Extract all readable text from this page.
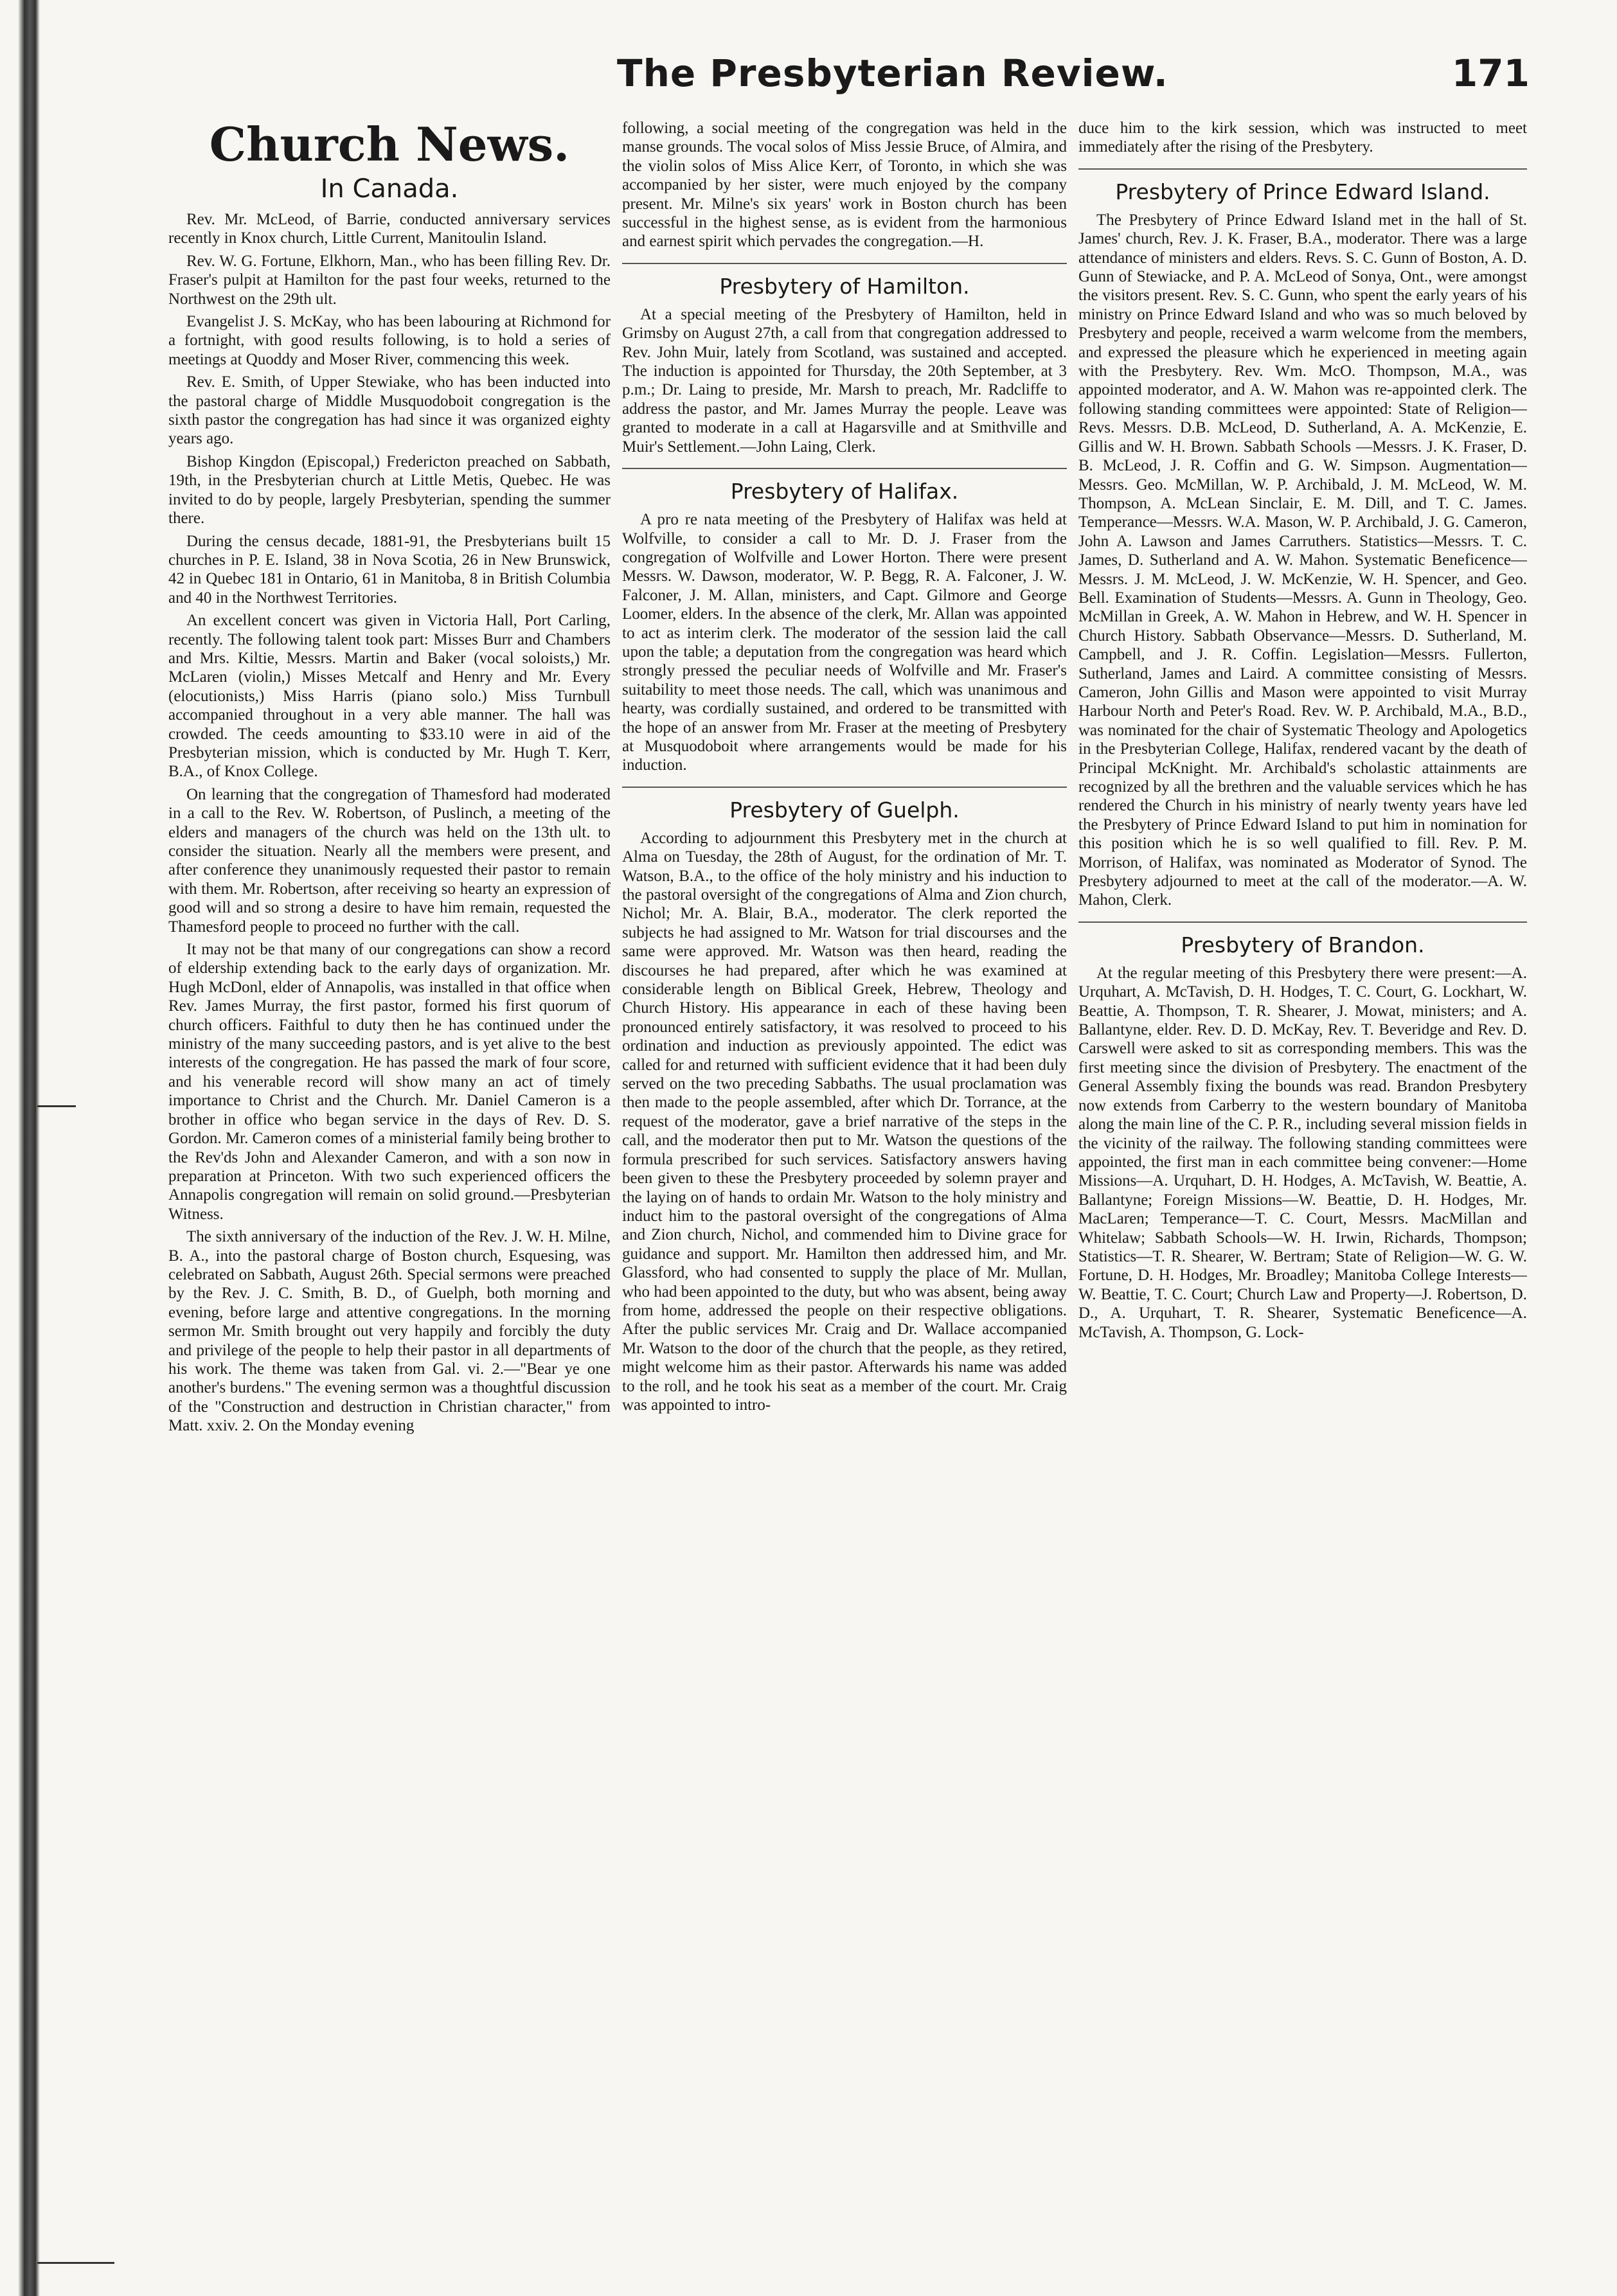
The Presbyterian Review.	171
Church News.
In Canada.

Rev. Mr. McLeod, of Barrie, conducted anniversary services recently in Knox church, Little Current, Manitoulin Island.

Rev. W. G. Fortune, Elkhorn, Man., who has been filling Rev. Dr. Fraser's pulpit at Hamilton for the past four weeks, returned to the Northwest on the 29th ult.

Evangelist J. S. McKay, who has been labouring at Richmond for a fortnight, with good results following, is to hold a series of meetings at Quoddy and Moser River, commencing this week.

Rev. E. Smith, of Upper Stewiake, who has been inducted into the pastoral charge of Middle Musquodoboit congregation is the sixth pastor the congregation has had since it was organized eighty years ago.

Bishop Kingdon (Episcopal,) Fredericton preached on Sabbath, 19th, in the Presbyterian church at Little Metis, Quebec. He was invited to do by people, largely Presbyterian, spending the summer there.

During the census decade, 1881-91, the Presbyterians built 15 churches in P. E. Island, 38 in Nova Scotia, 26 in New Brunswick, 42 in Quebec 181 in Ontario, 61 in Manitoba, 8 in British Columbia and 40 in the Northwest Territories.

An excellent concert was given in Victoria Hall, Port Carling, recently. The following talent took part: Misses Burr and Chambers and Mrs. Kiltie, Messrs. Martin and Baker (vocal soloists,) Mr. McLaren (violin,) Misses Metcalf and Henry and Mr. Every (elocutionists,) Miss Harris (piano solo.) Miss Turnbull accompanied throughout in a very able manner. The hall was crowded. The ceeds amounting to $33.10 were in aid of the Presbyterian mission, which is conducted by Mr. Hugh T. Kerr, B.A., of Knox College.

On learning that the congregation of Thamesford had moderated in a call to the Rev. W. Robertson, of Puslinch, a meeting of the elders and managers of the church was held on the 13th ult. to consider the situation. Nearly all the members were present, and after conference they unanimously requested their pastor to remain with them. Mr. Robertson, after receiving so hearty an expression of good will and so strong a desire to have him remain, requested the Thamesford people to proceed no further with the call.

It may not be that many of our congregations can show a record of eldership extending back to the early days of organization. Mr. Hugh McDonl, elder of Annapolis, was installed in that office when Rev. James Murray, the first pastor, formed his first quorum of church officers. Faithful to duty then he has continued under the ministry of the many succeeding pastors, and is yet alive to the best interests of the congregation. He has passed the mark of four score, and his venerable record will show many an act of timely importance to Christ and the Church. Mr. Daniel Cameron is a brother in office who began service in the days of Rev. D. S. Gordon. Mr. Cameron comes of a ministerial family being brother to the Rev'ds John and Alexander Cameron, and with a son now in preparation at Princeton. With two such experienced officers the Annapolis congregation will remain on solid ground.—Presbyterian Witness.

The sixth anniversary of the induction of the Rev. J. W. H. Milne, B. A., into the pastoral charge of Boston church, Esquesing, was celebrated on Sabbath, August 26th. Special sermons were preached by the Rev. J. C. Smith, B. D., of Guelph, both morning and evening, before large and attentive congregations. In the morning sermon Mr. Smith brought out very happily and forcibly the duty and privilege of the people to help their pastor in all departments of his work. The theme was taken from Gal. vi. 2.—"Bear ye one another's burdens." The evening sermon was a thoughtful discussion of the "Construction and destruction in Christian character," from Matt. xxiv. 2. On the Monday evening

following, a social meeting of the congregation was held in the manse grounds. The vocal solos of Miss Jessie Bruce, of Almira, and the violin solos of Miss Alice Kerr, of Toronto, in which she was accompanied by her sister, were much enjoyed by the company present. Mr. Milne's six years' work in Boston church has been successful in the highest sense, as is evident from the harmonious and earnest spirit which pervades the congregation.—H.

Presbytery of Hamilton.

At a special meeting of the Presbytery of Hamilton, held in Grimsby on August 27th, a call from that congregation addressed to Rev. John Muir, lately from Scotland, was sustained and accepted. The induction is appointed for Thursday, the 20th September, at 3 p.m.; Dr. Laing to preside, Mr. Marsh to preach, Mr. Radcliffe to address the pastor, and Mr. James Murray the people. Leave was granted to moderate in a call at Hagarsville and at Smithville and Muir's Settlement.—John Laing, Clerk.

Presbytery of Halifax.

A pro re nata meeting of the Presbytery of Halifax was held at Wolfville, to consider a call to Mr. D. J. Fraser from the congregation of Wolfville and Lower Horton. There were present Messrs. W. Dawson, moderator, W. P. Begg, R. A. Falconer, J. W. Falconer, J. M. Allan, ministers, and Capt. Gilmore and George Loomer, elders. In the absence of the clerk, Mr. Allan was appointed to act as interim clerk. The moderator of the session laid the call upon the table; a deputation from the congregation was heard which strongly pressed the peculiar needs of Wolfville and Mr. Fraser's suitability to meet those needs. The call, which was unanimous and hearty, was cordially sustained, and ordered to be transmitted with the hope of an answer from Mr. Fraser at the meeting of Presbytery at Musquodoboit where arrangements would be made for his induction.

Presbytery of Guelph.

According to adjournment this Presbytery met in the church at Alma on Tuesday, the 28th of August, for the ordination of Mr. T. Watson, B.A., to the office of the holy ministry and his induction to the pastoral oversight of the congregations of Alma and Zion church, Nichol; Mr. A. Blair, B.A., moderator. The clerk reported the subjects he had assigned to Mr. Watson for trial discourses and the same were approved. Mr. Watson was then heard, reading the discourses he had prepared, after which he was examined at considerable length on Biblical Greek, Hebrew, Theology and Church History. His appearance in each of these having been pronounced entirely satisfactory, it was resolved to proceed to his ordination and induction as previously appointed. The edict was called for and returned with sufficient evidence that it had been duly served on the two preceding Sabbaths. The usual proclamation was then made to the people assembled, after which Dr. Torrance, at the request of the moderator, gave a brief narrative of the steps in the call, and the moderator then put to Mr. Watson the questions of the formula prescribed for such services. Satisfactory answers having been given to these the Presbytery proceeded by solemn prayer and the laying on of hands to ordain Mr. Watson to the holy ministry and induct him to the pastoral oversight of the congregations of Alma and Zion church, Nichol, and commended him to Divine grace for guidance and support. Mr. Hamilton then addressed him, and Mr. Glassford, who had consented to supply the place of Mr. Mullan, who had been appointed to the duty, but who was absent, being away from home, addressed the people on their respective obligations. After the public services Mr. Craig and Dr. Wallace accompanied Mr. Watson to the door of the church that the people, as they retired, might welcome him as their pastor. Afterwards his name was added to the roll, and he took his seat as a member of the court. Mr. Craig was appointed to intro-

duce him to the kirk session, which was instructed to meet immediately after the rising of the Presbytery.

Presbytery of Prince Edward Island.

The Presbytery of Prince Edward Island met in the hall of St. James' church, Rev. J. K. Fraser, B.A., moderator. There was a large attendance of ministers and elders. Revs. S. C. Gunn of Boston, A. D. Gunn of Stewiacke, and P. A. McLeod of Sonya, Ont., were amongst the visitors present. Rev. S. C. Gunn, who spent the early years of his ministry on Prince Edward Island and who was so much beloved by Presbytery and people, received a warm welcome from the members, and expressed the pleasure which he experienced in meeting again with the Presbytery. Rev. Wm. McO. Thompson, M.A., was appointed moderator, and A. W. Mahon was re-appointed clerk. The following standing committees were appointed: State of Religion—Revs. Messrs. D.B. McLeod, D. Sutherland, A. A. McKenzie, E. Gillis and W. H. Brown. Sabbath Schools —Messrs. J. K. Fraser, D. B. McLeod, J. R. Coffin and G. W. Simpson. Augmentation—Messrs. Geo. McMillan, W. P. Archibald, J. M. McLeod, W. M. Thompson, A. McLean Sinclair, E. M. Dill, and T. C. James. Temperance—Messrs. W.A. Mason, W. P. Archibald, J. G. Cameron, John A. Lawson and James Carruthers. Statistics—Messrs. T. C. James, D. Sutherland and A. W. Mahon. Systematic Beneficence—Messrs. J. M. McLeod, J. W. McKenzie, W. H. Spencer, and Geo. Bell. Examination of Students—Messrs. A. Gunn in Theology, Geo. McMillan in Greek, A. W. Mahon in Hebrew, and W. H. Spencer in Church History. Sabbath Observance—Messrs. D. Sutherland, M. Campbell, and J. R. Coffin. Legislation—Messrs. Fullerton, Sutherland, James and Laird. A committee consisting of Messrs. Cameron, John Gillis and Mason were appointed to visit Murray Harbour North and Peter's Road. Rev. W. P. Archibald, M.A., B.D., was nominated for the chair of Systematic Theology and Apologetics in the Presbyterian College, Halifax, rendered vacant by the death of Principal McKnight. Mr. Archibald's scholastic attainments are recognized by all the brethren and the valuable services which he has rendered the Church in his ministry of nearly twenty years have led the Presbytery of Prince Edward Island to put him in nomination for this position which he is so well qualified to fill. Rev. P. M. Morrison, of Halifax, was nominated as Moderator of Synod. The Presbytery adjourned to meet at the call of the moderator.—A. W. Mahon, Clerk.

Presbytery of Brandon.

At the regular meeting of this Presbytery there were present:—A. Urquhart, A. McTavish, D. H. Hodges, T. C. Court, G. Lockhart, W. Beattie, A. Thompson, T. R. Shearer, J. Mowat, ministers; and A. Ballantyne, elder. Rev. D. D. McKay, Rev. T. Beveridge and Rev. D. Carswell were asked to sit as corresponding members. This was the first meeting since the division of Presbytery. The enactment of the General Assembly fixing the bounds was read. Brandon Presbytery now extends from Carberry to the western boundary of Manitoba along the main line of the C. P. R., including several mission fields in the vicinity of the railway. The following standing committees were appointed, the first man in each committee being convener:—Home Missions—A. Urquhart, D. H. Hodges, A. McTavish, W. Beattie, A. Ballantyne; Foreign Missions—W. Beattie, D. H. Hodges, Mr. MacLaren; Temperance—T. C. Court, Messrs. MacMillan and Whitelaw; Sabbath Schools—W. H. Irwin, Richards, Thompson; Statistics—T. R. Shearer, W. Bertram; State of Religion—W. G. W. Fortune, D. H. Hodges, Mr. Broadley; Manitoba College Interests—W. Beattie, T. C. Court; Church Law and Property—J. Robertson, D. D., A. Urquhart, T. R. Shearer, Systematic Beneficence—A. McTavish, A. Thompson, G. Lock-
